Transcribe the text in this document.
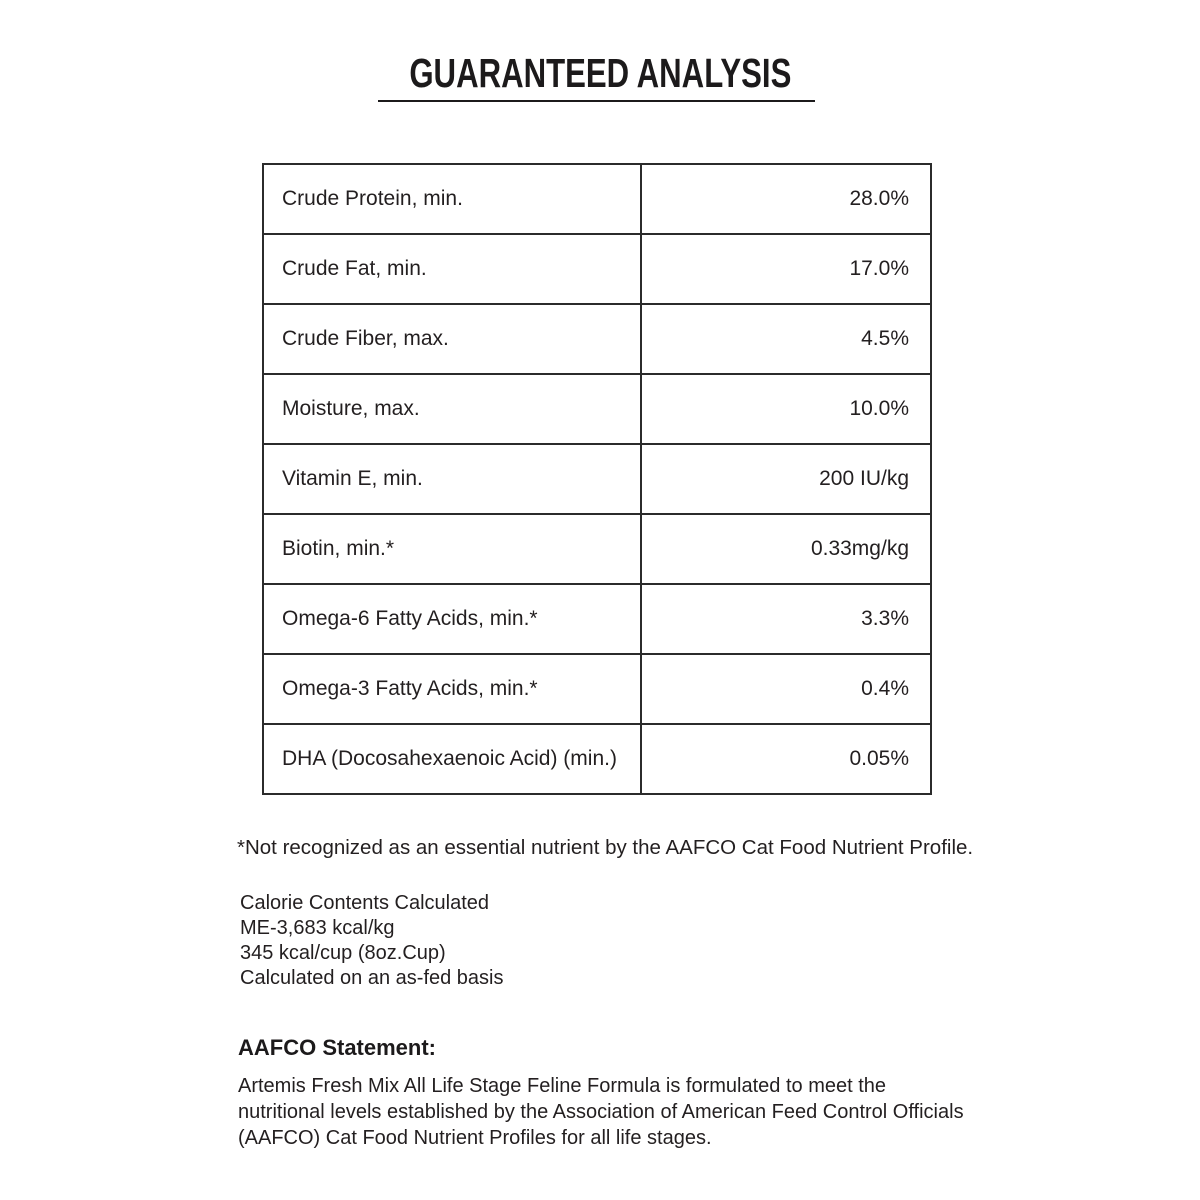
GUARANTEED ANALYSIS
Crude Protein, min.	28.0%
Crude Fat, min.	17.0%
Crude Fiber, max.	4.5%
Moisture, max.	10.0%
Vitamin E, min.	200 IU/kg
Biotin, min.*	0.33mg/kg
Omega-6 Fatty Acids, min.*	3.3%
Omega-3 Fatty Acids, min.*	0.4%
DHA (Docosahexaenoic Acid) (min.)	0.05%

*Not recognized as an essential nutrient by the AAFCO Cat Food Nutrient Profile.

Calorie Contents Calculated
ME-3,683 kcal/kg
345 kcal/cup (8oz.Cup)
Calculated on an as-fed basis
AAFCO Statement:
Artemis Fresh Mix All Life Stage Feline Formula is formulated to meet the
nutritional levels established by the Association of American Feed Control Officials
(AAFCO) Cat Food Nutrient Profiles for all life stages.
